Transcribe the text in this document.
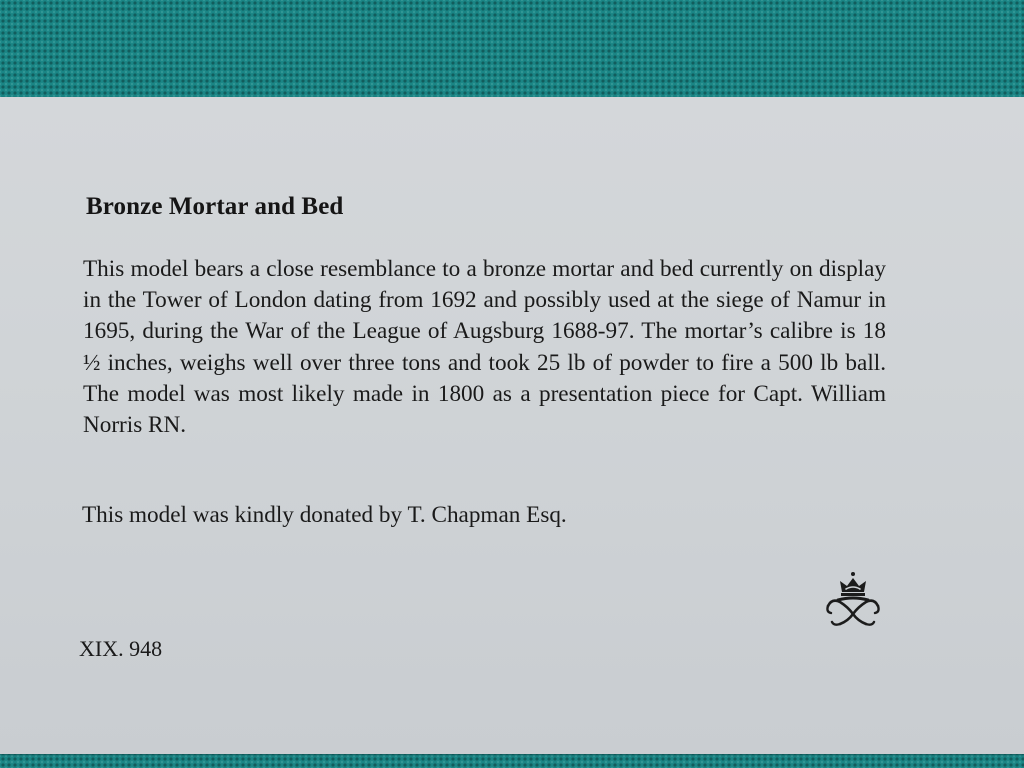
Bronze Mortar and Bed

This model bears a close resemblance to a bronze mortar and bed currently on display in the Tower of London dating from 1692 and possibly used at the siege of Namur in 1695, during the War of the League of Augsburg 1688-97. The mortar’s calibre is 18 ½ inches, weighs well over three tons and took 25 lb of powder to fire a 500 lb ball. The model was most likely made in 1800 as a presentation piece for Capt. William Norris RN.

This model was kindly donated by T. Chapman Esq.

XIX. 948
